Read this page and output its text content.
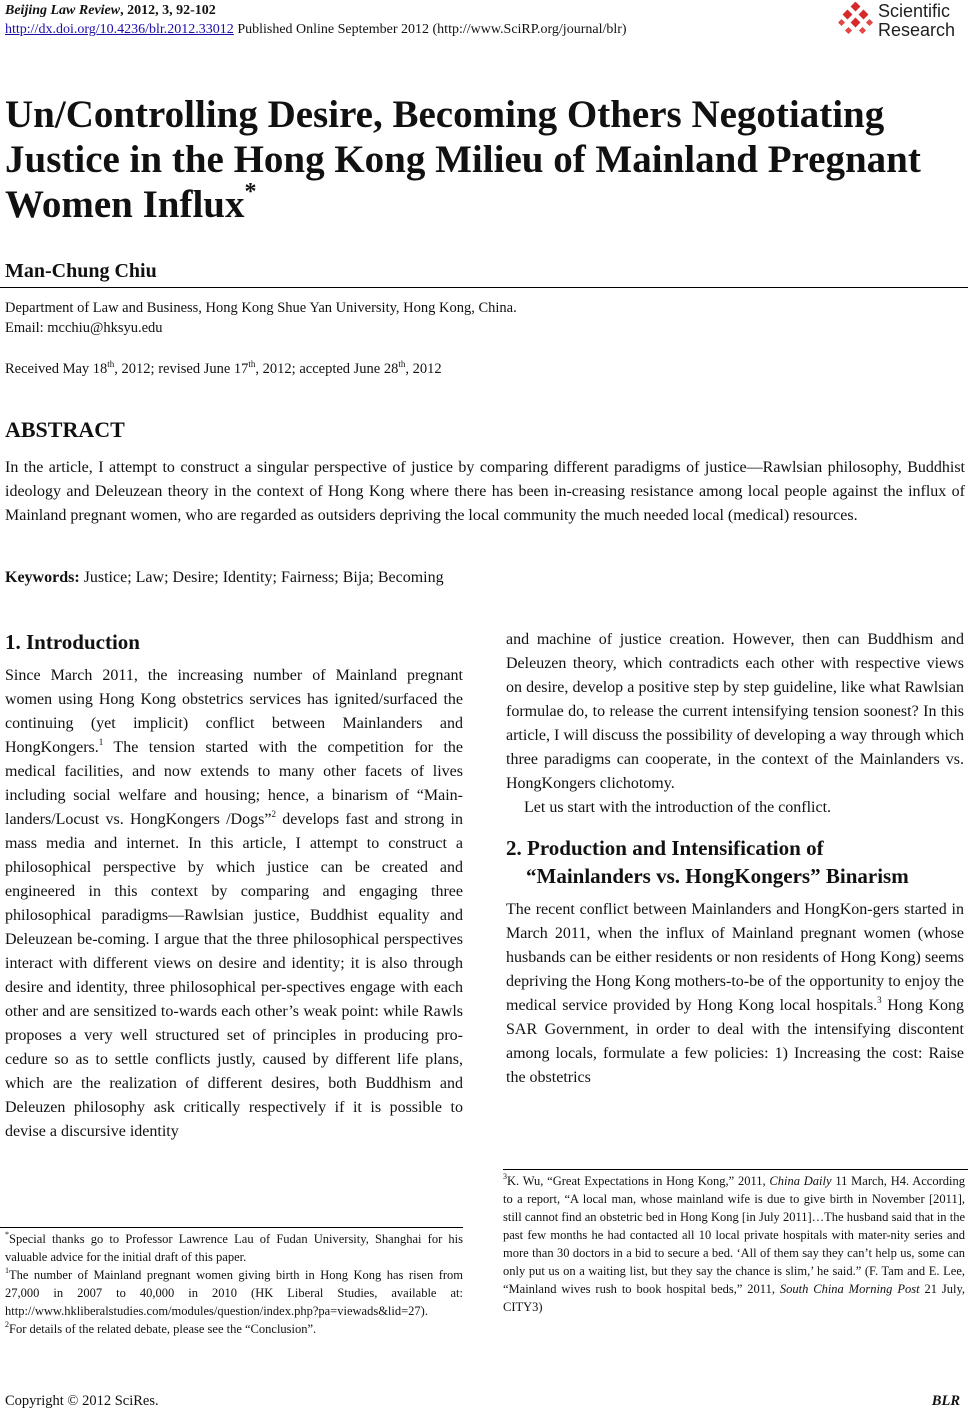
Beijing Law Review, 2012, 3, 92-102
http://dx.doi.org/10.4236/blr.2012.33012 Published Online September 2012 (http://www.SciRP.org/journal/blr)
Scientific
Research
Un/Controlling Desire, Becoming Others Negotiating
Justice in the Hong Kong Milieu of Mainland Pregnant
Women Influx*
Man-Chung Chiu
Department of Law and Business, Hong Kong Shue Yan University, Hong Kong, China.
Email: mcchiu@hksyu.edu
Received May 18th, 2012; revised June 17th, 2012; accepted June 28th, 2012
ABSTRACT

In the article, I attempt to construct a singular perspective of justice by comparing different paradigms of justice—Rawlsian philosophy, Buddhist ideology and Deleuzean theory in the context of Hong Kong where there has been in-creasing resistance among local people against the influx of Mainland pregnant women, who are regarded as outsiders depriving the local community the much needed local (medical) resources.

Keywords: Justice; Law; Desire; Identity; Fairness; Bija; Becoming
1. Introduction

Since March 2011, the increasing number of Mainland pregnant women using Hong Kong obstetrics services has ignited/surfaced the continuing (yet implicit) conflict between Mainlanders and HongKongers.$^1$ The tension started with the competition for the medical facilities, and now extends to many other facets of lives including social welfare and housing; hence, a binarism of “Main-landers/Locust vs. HongKongers /Dogs”$^2$ develops fast and strong in mass media and internet. In this article, I attempt to construct a philosophical perspective by which justice can be created and engineered in this context by comparing and engaging three philosophical paradigms—Rawlsian justice, Buddhist equality and Deleuzean be-coming. I argue that the three philosophical perspectives interact with different views on desire and identity; it is also through desire and identity, three philosophical per-spectives engage with each other and are sensitized to-wards each other’s weak point: while Rawls proposes a very well structured set of principles in producing pro-cedure so as to settle conflicts justly, caused by different life plans, which are the realization of different desires, both Buddhism and Deleuzen philosophy ask critically respectively if it is possible to devise a discursive identity

and machine of justice creation. However, then can Buddhism and Deleuzen theory, which contradicts each other with respective views on desire, develop a positive step by step guideline, like what Rawlsian formulae do, to release the current intensifying tension soonest? In this article, I will discuss the possibility of developing a way through which three paradigms can cooperate, in the context of the Mainlanders vs. HongKongers clichotomy.

Let us start with the introduction of the conflict.

2. Production and Intensification of
“Mainlanders vs. HongKongers” Binarism

The recent conflict between Mainlanders and HongKon-gers started in March 2011, when the influx of Mainland pregnant women (whose husbands can be either residents or non residents of Hong Kong) seems depriving the Hong Kong mothers-to-be of the opportunity to enjoy the medical service provided by Hong Kong local hospitals.$^3$ Hong Kong SAR Government, in order to deal with the intensifying discontent among locals, formulate a few policies: 1) Increasing the cost: Raise the obstetrics

*Special thanks go to Professor Lawrence Lau of Fudan University, Shanghai for his valuable advice for the initial draft of this paper.
$^1$The number of Mainland pregnant women giving birth in Hong Kong has risen from 27,000 in 2007 to 40,000 in 2010 (HK Liberal Studies, available at: http://www.hkliberalstudies.com/modules/question/index.php?pa=viewads&lid=27).
$^2$For details of the related debate, please see the “Conclusion”.
$^3$K. Wu, “Great Expectations in Hong Kong,” 2011, China Daily 11 March, H4. According to a report, “A local man, whose mainland wife is due to give birth in November [2011], still cannot find an obstetric bed in Hong Kong [in July 2011]…The husband said that in the past few months he had contacted all 10 local private hospitals with mater-nity series and more than 30 doctors in a bid to secure a bed. ‘All of them say they can’t help us, some can only put us on a waiting list, but they say the chance is slim,’ he said.” (F. Tam and E. Lee, “Mainland wives rush to book hospital beds,” 2011, South China Morning Post 21 July, CITY3)
Copyright © 2012 SciRes.	BLR
